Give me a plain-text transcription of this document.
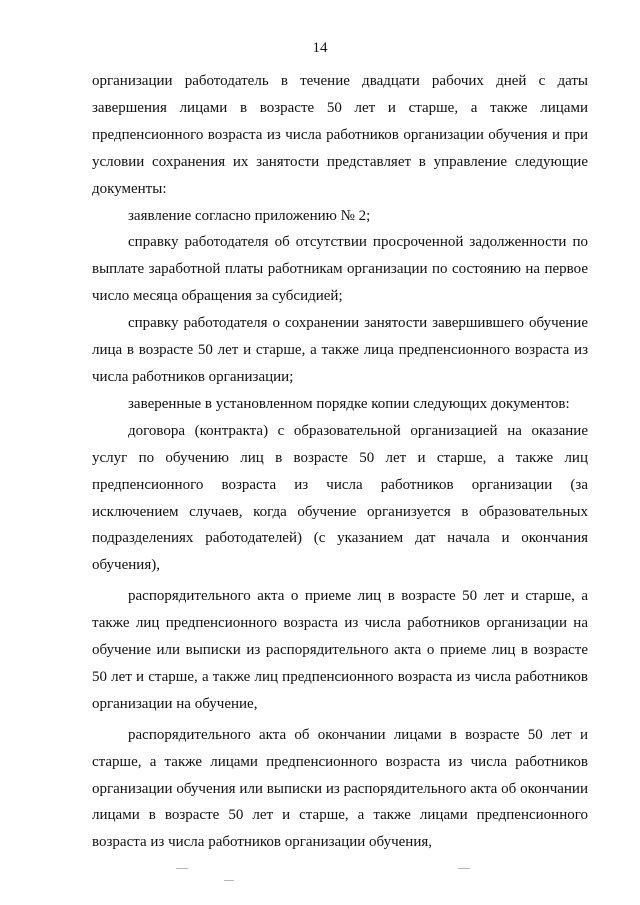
14

организации работодатель в течение двадцати рабочих дней с даты завершения лицами в возрасте 50 лет и старше, а также лицами предпенсионного возраста из числа работников организации обучения и при условии сохранения их занятости представляет в управление следующие документы:

заявление согласно приложению № 2;

справку работодателя об отсутствии просроченной задолженности по выплате заработной платы работникам организации по состоянию на первое число месяца обращения за субсидией;

справку работодателя о сохранении занятости завершившего обучение лица в возрасте 50 лет и старше, а также лица предпенсионного возраста из числа работников организации;

заверенные в установленном порядке копии следующих документов:

договора (контракта) с образовательной организацией на оказание услуг по обучению лиц в возрасте 50 лет и старше, а также лиц предпенсионного возраста из числа работников организации (за исключением случаев, когда обучение организуется в образовательных подразделениях работодателей) (с указанием дат начала и окончания обучения),

распорядительного акта о приеме лиц в возрасте 50 лет и старше, а также лиц предпенсионного возраста из числа работников организации на обучение или выписки из распорядительного акта о приеме лиц в возрасте 50 лет и старше, а также лиц предпенсионного возраста из числа работников организации на обучение,

распорядительного акта об окончании лицами в возрасте 50 лет и старше, а также лицами предпенсионного возраста из числа работников организации обучения или выписки из распорядительного акта об окончании лицами в возрасте 50 лет и старше, а также лицами предпенсионного возраста из числа работников организации обучения,
